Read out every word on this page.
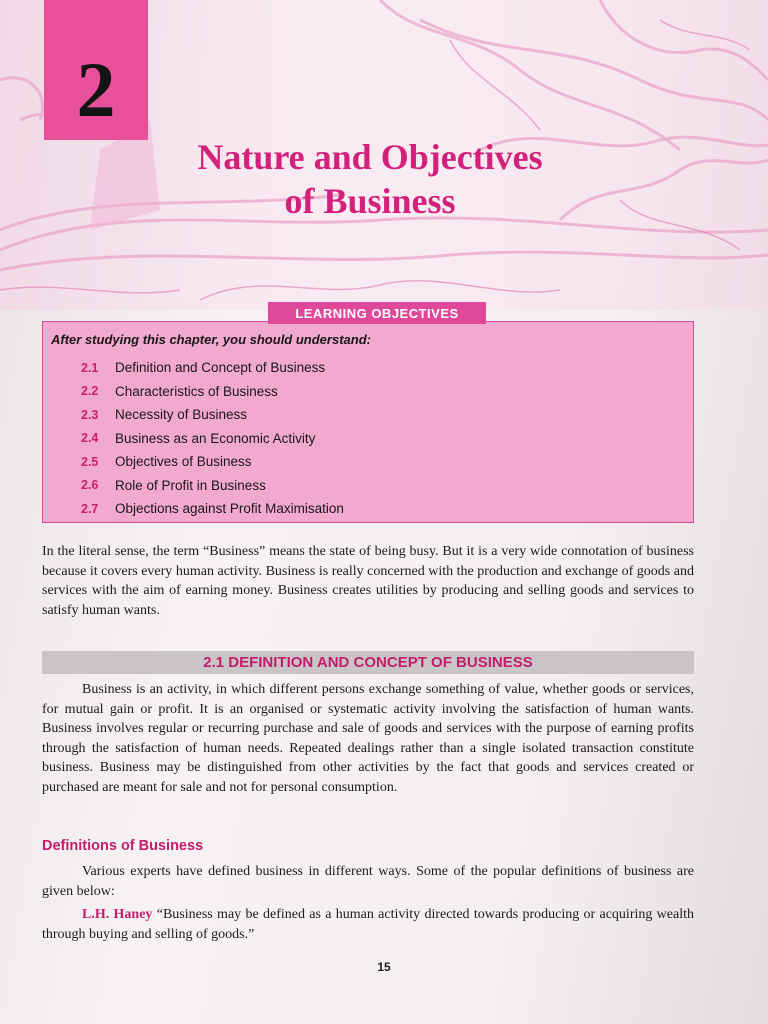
2
Nature and Objectives
of Business
After studying this chapter, you should understand:
2.1	Definition and Concept of Business
2.2	Characteristics of Business
2.3	Necessity of Business
2.4	Business as an Economic Activity
2.5	Objectives of Business
2.6	Role of Profit in Business
2.7	Objections against Profit Maximisation
LEARNING OBJECTIVES

In the literal sense, the term “Business” means the state of being busy. But it is a very wide connotation of business because it covers every human activity. Business is really concerned with the production and exchange of goods and services with the aim of earning money. Business creates utilities by producing and selling goods and services to satisfy human wants.

2.1 DEFINITION AND CONCEPT OF BUSINESS

Business is an activity, in which different persons exchange something of value, whether goods or services, for mutual gain or profit. It is an organised or systematic activity involving the satisfaction of human wants. Business involves regular or recurring purchase and sale of goods and services with the purpose of earning profits through the satisfaction of human needs. Repeated dealings rather than a single isolated transaction constitute business. Business may be distinguished from other activities by the fact that goods and services created or purchased are meant for sale and not for personal consumption.

Definitions of Business

Various experts have defined business in different ways. Some of the popular definitions of business are given below:

L.H. Haney “Business may be defined as a human activity directed towards producing or acquiring wealth through buying and selling of goods.”

15
